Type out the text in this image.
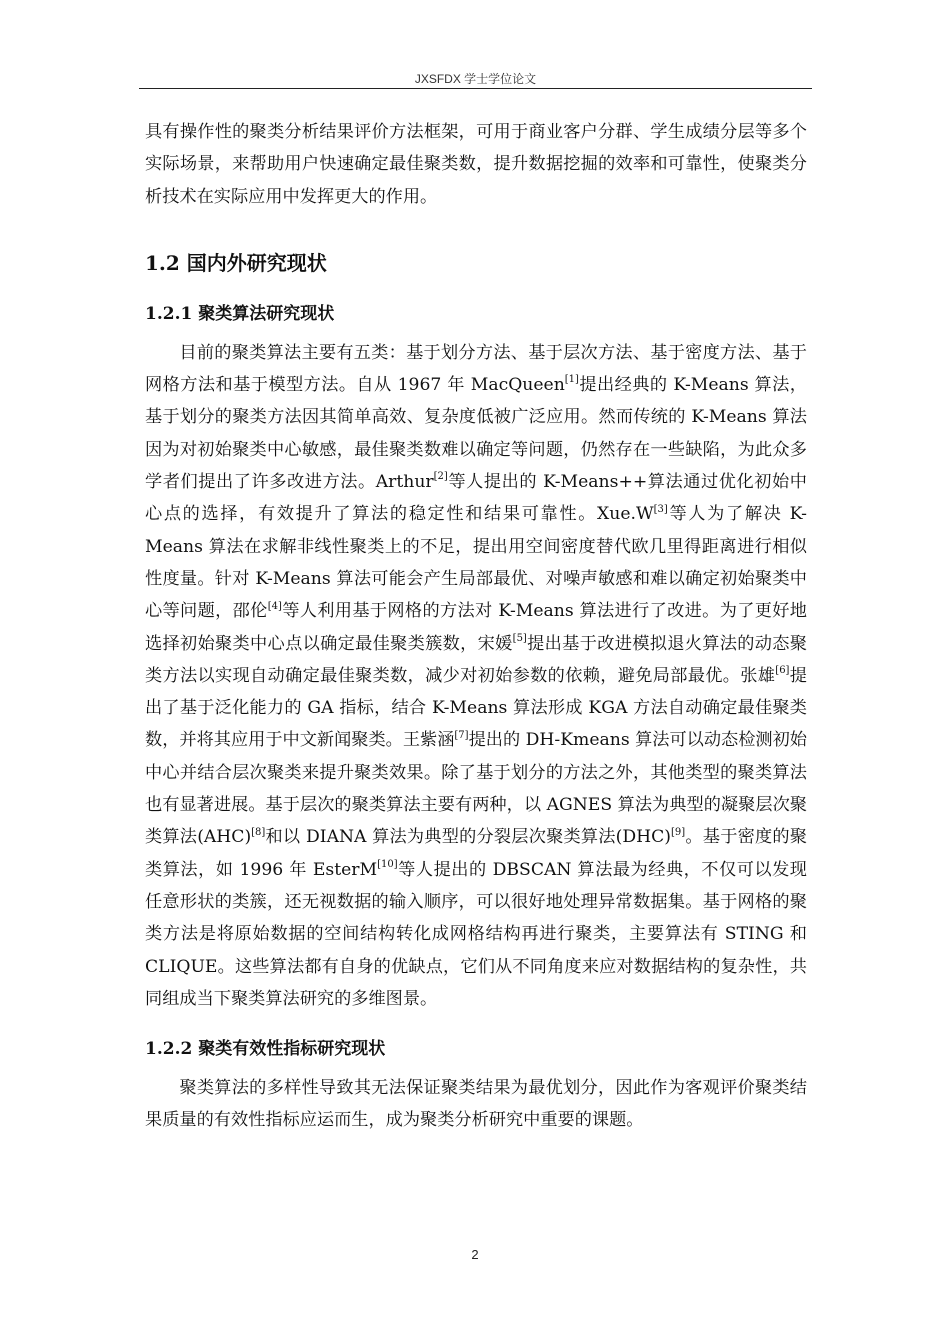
JXSFDX 学士学位论文

具有操作性的聚类分析结果评价方法框架，可用于商业客户分群、学生成绩分层等多个实际场景，来帮助用户快速确定最佳聚类数，提升数据挖掘的效率和可靠性，使聚类分析技术在实际应用中发挥更大的作用。

1.2 国内外研究现状
1.2.1 聚类算法研究现状

目前的聚类算法主要有五类：基于划分方法、基于层次方法、基于密度方法、基于网格方法和基于模型方法。自从 1967 年 MacQueen[1]提出经典的 K-Means 算法，基于划分的聚类方法因其简单高效、复杂度低被广泛应用。然而传统的 K-Means 算法因为对初始聚类中心敏感，最佳聚类数难以确定等问题，仍然存在一些缺陷，为此众多学者们提出了许多改进方法。Arthur[2]等人提出的 K-Means++算法通过优化初始中心点的选择，有效提升了算法的稳定性和结果可靠性。Xue.W[3]等人为了解决 K-Means 算法在求解非线性聚类上的不足，提出用空间密度替代欧几里得距离进行相似性度量。针对 K-Means 算法可能会产生局部最优、对噪声敏感和难以确定初始聚类中心等问题，邵伦[4]等人利用基于网格的方法对 K-Means 算法进行了改进。为了更好地选择初始聚类中心点以确定最佳聚类簇数，宋媛[5]提出基于改进模拟退火算法的动态聚类方法以实现自动确定最佳聚类数，减少对初始参数的依赖，避免局部最优。张雄[6]提出了基于泛化能力的 GA 指标，结合 K-Means 算法形成 KGA 方法自动确定最佳聚类数，并将其应用于中文新闻聚类。王紫涵[7]提出的 DH-Kmeans 算法可以动态检测初始中心并结合层次聚类来提升聚类效果。除了基于划分的方法之外，其他类型的聚类算法也有显著进展。基于层次的聚类算法主要有两种，以 AGNES 算法为典型的凝聚层次聚类算法(AHC)[8]和以 DIANA 算法为典型的分裂层次聚类算法(DHC)[9]。基于密度的聚类算法，如 1996 年 EsterM[10]等人提出的 DBSCAN 算法最为经典，不仅可以发现任意形状的类簇，还无视数据的输入顺序，可以很好地处理异常数据集。基于网格的聚类方法是将原始数据的空间结构转化成网格结构再进行聚类，主要算法有 STING 和 CLIQUE。这些算法都有自身的优缺点，它们从不同角度来应对数据结构的复杂性，共同组成当下聚类算法研究的多维图景。

1.2.2 聚类有效性指标研究现状

聚类算法的多样性导致其无法保证聚类结果为最优划分，因此作为客观评价聚类结果质量的有效性指标应运而生，成为聚类分析研究中重要的课题。

2
